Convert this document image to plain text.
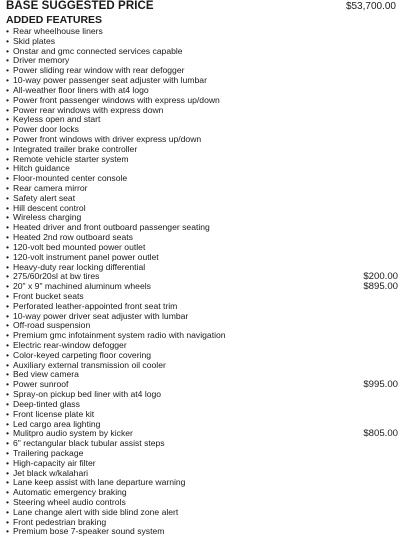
BASE SUGGESTED PRICE	$53,700.00
ADDED FEATURES
• Rear wheelhouse liners
• Skid plates
• Onstar and gmc connected services capable
• Driver memory
• Power sliding rear window with rear defogger
• 10-way power passenger seat adjuster with lumbar
• All-weather floor liners with at4 logo
• Power front passenger windows with express up/down
• Power rear windows with express down
• Keyless open and start
• Power door locks
• Power front windows with driver express up/down
• Integrated trailer brake controller
• Remote vehicle starter system
• Hitch guidance
• Floor-mounted center console
• Rear camera mirror
• Safety alert seat
• Hill descent control
• Wireless charging
• Heated driver and front outboard passenger seating
• Heated 2nd row outboard seats
• 120-volt bed mounted power outlet
• 120-volt instrument panel power outlet
• Heavy-duty rear locking differential
• 275/60r20sl at bw tires	$200.00
• 20" x 9" machined aluminum wheels	$895.00
• Front bucket seats
• Perforated leather-appointed front seat trim
• 10-way power driver seat adjuster with lumbar
• Off-road suspension
• Premium gmc infotainment system radio with navigation
• Electric rear-window defogger
• Color-keyed carpeting floor covering
• Auxiliary external transmission oil cooler
• Bed view camera
• Power sunroof	$995.00
• Spray-on pickup bed liner with at4 logo
• Deep-tinted glass
• Front license plate kit
• Led cargo area lighting
• Mulitpro audio system by kicker	$805.00
• 6" rectangular black tubular assist steps
• Trailering package
• High-capacity air filter
• Jet black w/kalahari
• Lane keep assist with lane departure warning
• Automatic emergency braking
• Steering wheel audio controls
• Lane change alert with side blind zone alert
• Front pedestrian braking
• Premium bose 7-speaker sound system
